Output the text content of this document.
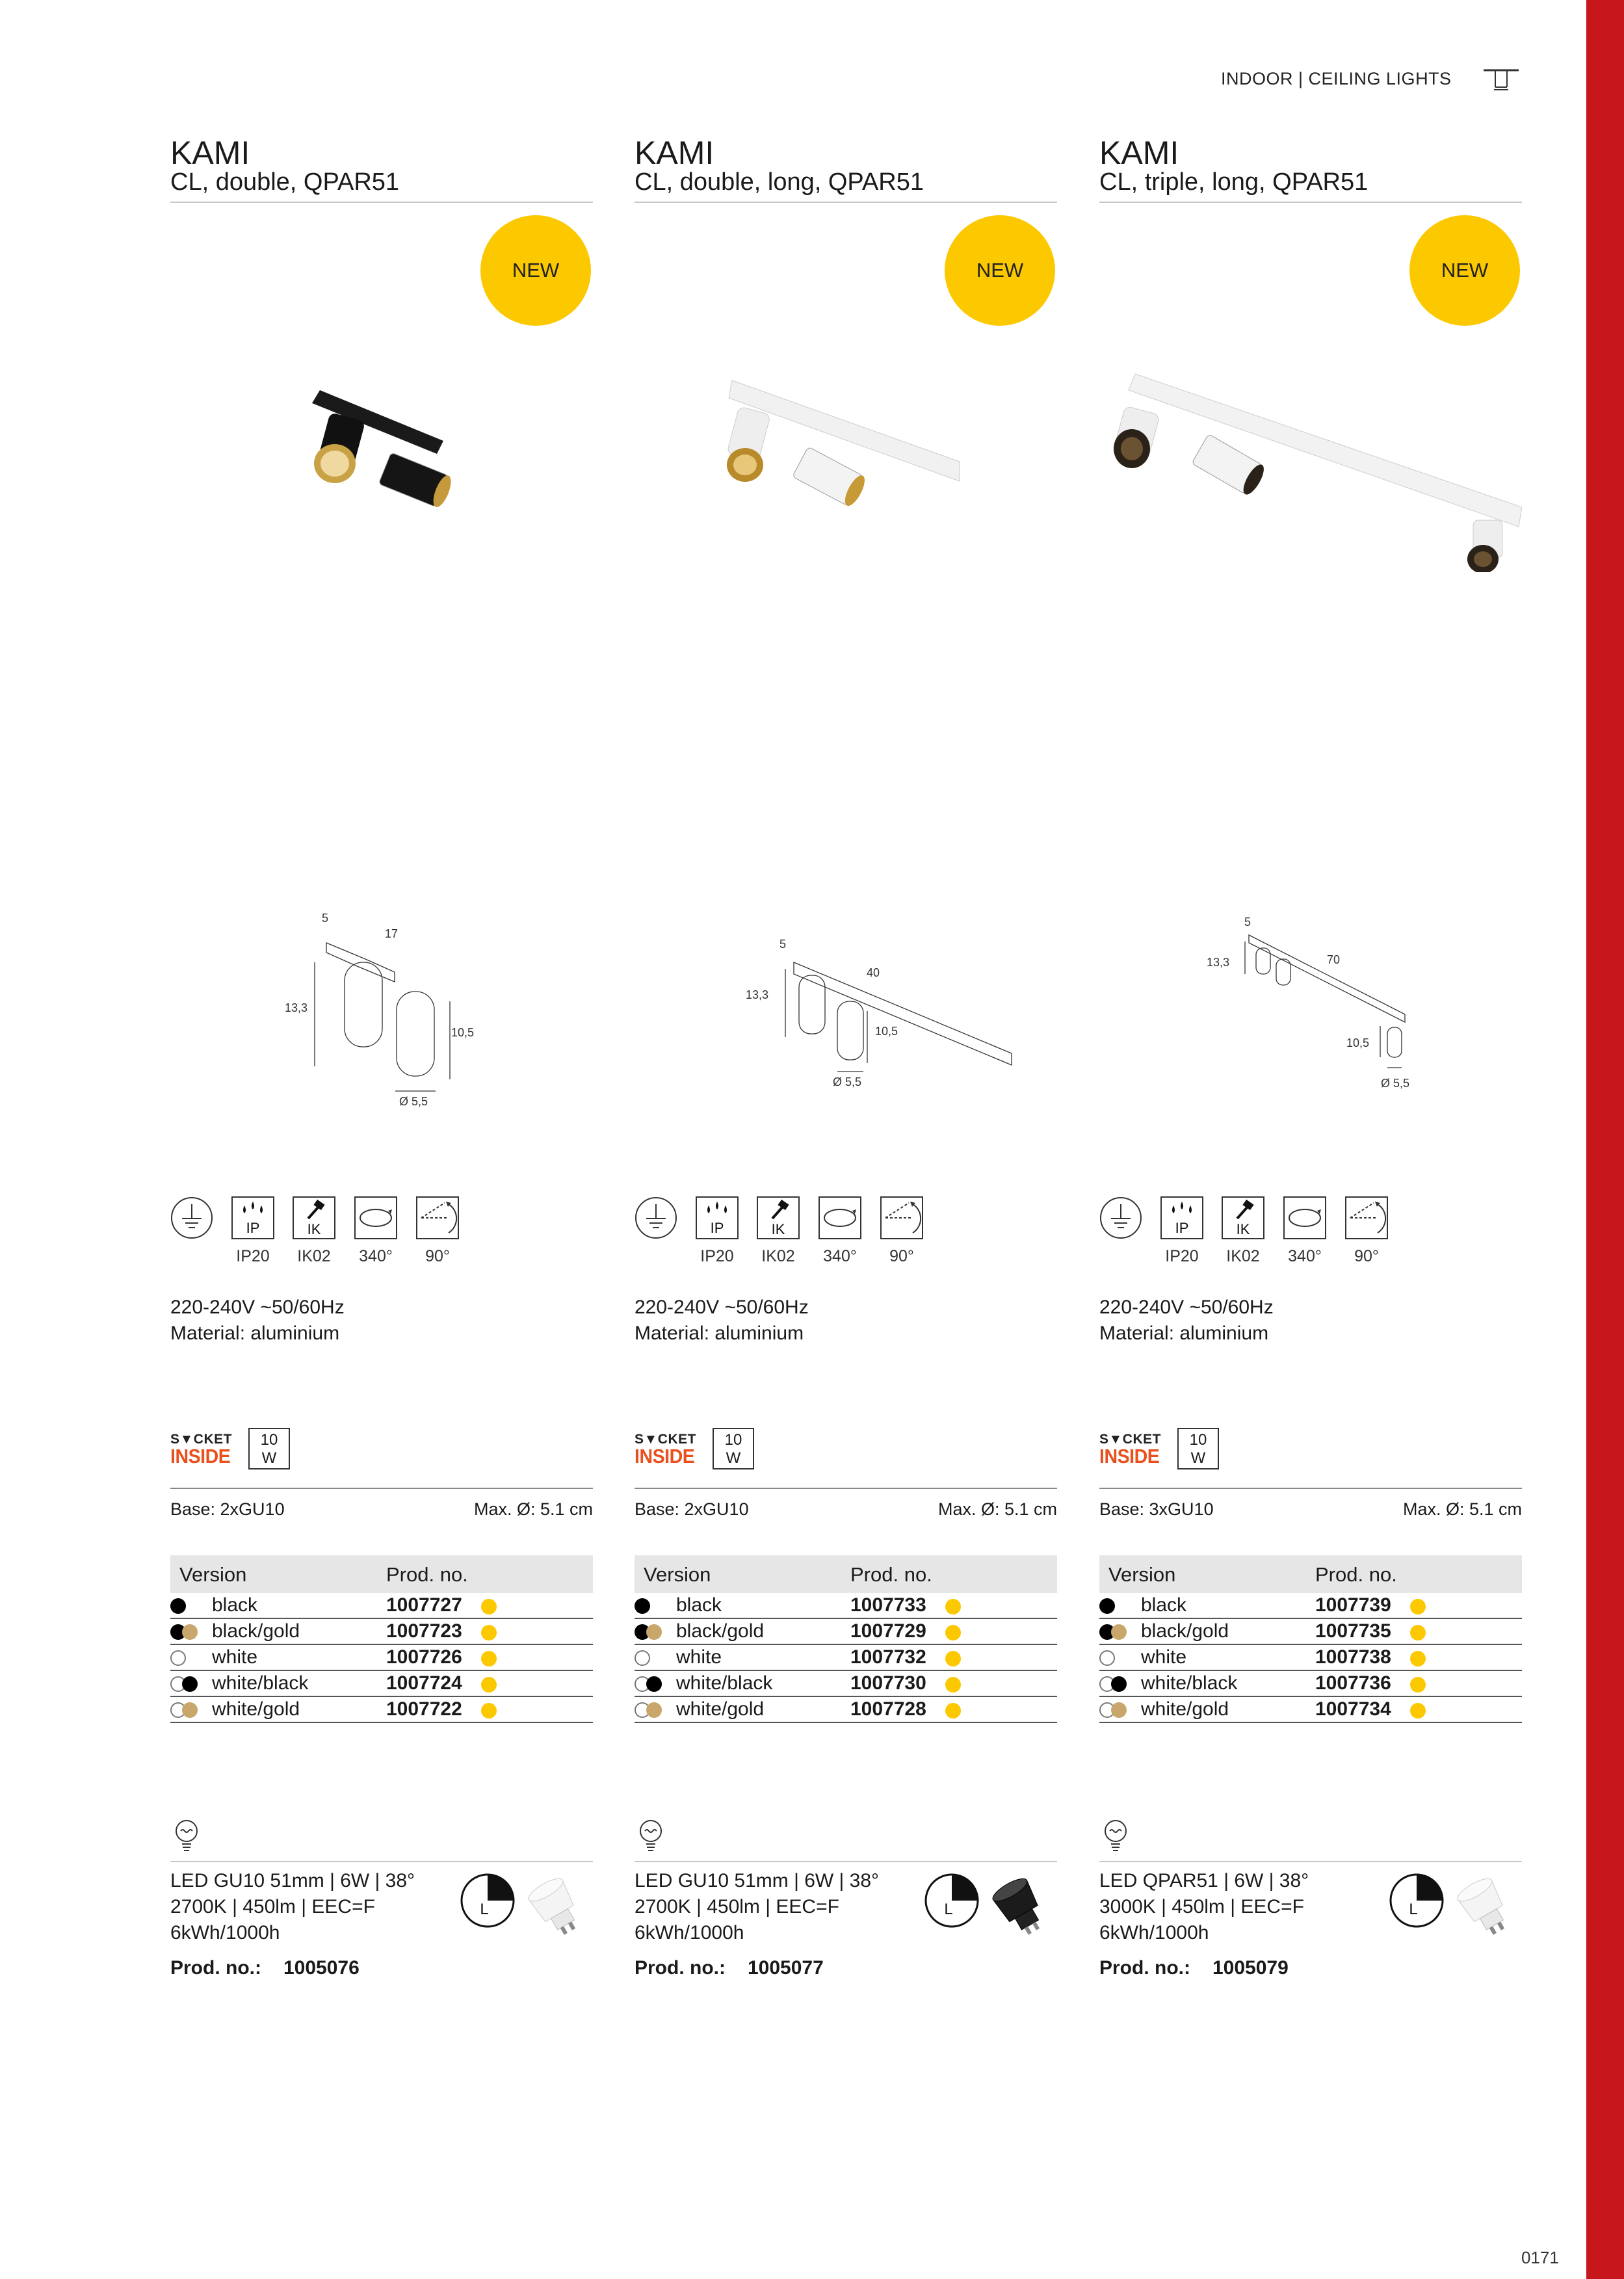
INDOOR | CEILING LIGHTS
0171
KAMI
CL, double, QPAR51
NEW
5
17
13,3
10,5
Ø 5,5
IP
IP20
IK
IK02	340°	90°
220-240V ~50/60Hz
Material: aluminium
S▼CKET
INSIDE
10
W
Base: 2xGU10	Max. Ø: 5.1 cm
Version	Prod. no.
black	1007727
black/gold	1007723
white	1007726
white/black	1007724
white/gold	1007722
LED GU10 51mm | 6W | 38°
2700K | 450lm | EEC=F
6kWh/1000h
Prod. no.: 1005076
L
KAMI
CL, double, long, QPAR51
NEW
5
40
13,3
10,5
Ø 5,5
IP
IP20
IK
IK02	340°	90°
220-240V ~50/60Hz
Material: aluminium
S▼CKET
INSIDE
10
W
Base: 2xGU10	Max. Ø: 5.1 cm
Version	Prod. no.
black	1007733
black/gold	1007729
white	1007732
white/black	1007730
white/gold	1007728
LED GU10 51mm | 6W | 38°
2700K | 450lm | EEC=F
6kWh/1000h
Prod. no.: 1005077
L
KAMI
CL, triple, long, QPAR51
NEW
5
70
13,3
10,5
Ø 5,5
IP
IP20
IK
IK02	340°	90°
220-240V ~50/60Hz
Material: aluminium
S▼CKET
INSIDE
10
W
Base: 3xGU10	Max. Ø: 5.1 cm
Version	Prod. no.
black	1007739
black/gold	1007735
white	1007738
white/black	1007736
white/gold	1007734
LED QPAR51 | 6W | 38°
3000K | 450lm | EEC=F
6kWh/1000h
Prod. no.: 1005079
L
